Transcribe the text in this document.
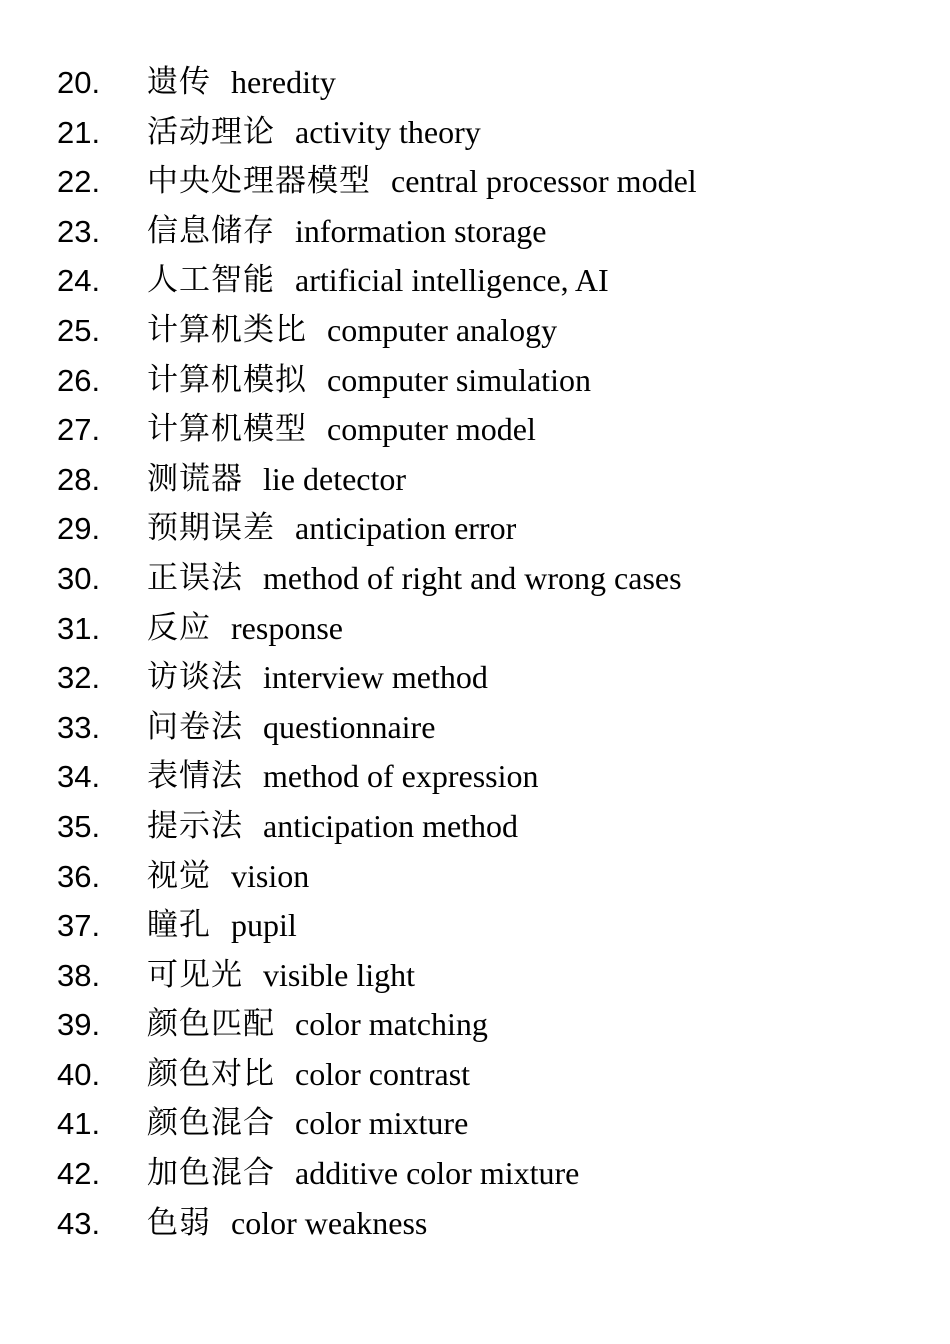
20.	遗传 heredity
21.	活动理论 activity theory
22.	中央处理器模型 central processor model
23.	信息储存 information storage
24.	人工智能 artificial intelligence, AI
25.	计算机类比 computer analogy
26.	计算机模拟 computer simulation
27.	计算机模型 computer model
28.	测谎器 lie detector
29.	预期误差 anticipation error
30.	正误法 method of right and wrong cases
31.	反应 response
32.	访谈法 interview method
33.	问卷法 questionnaire
34.	表情法 method of expression
35.	提示法 anticipation method
36.	视觉 vision
37.	瞳孔 pupil
38.	可见光 visible light
39.	颜色匹配 color matching
40.	颜色对比 color contrast
41.	颜色混合 color mixture
42.	加色混合 additive color mixture
43.	色弱 color weakness
